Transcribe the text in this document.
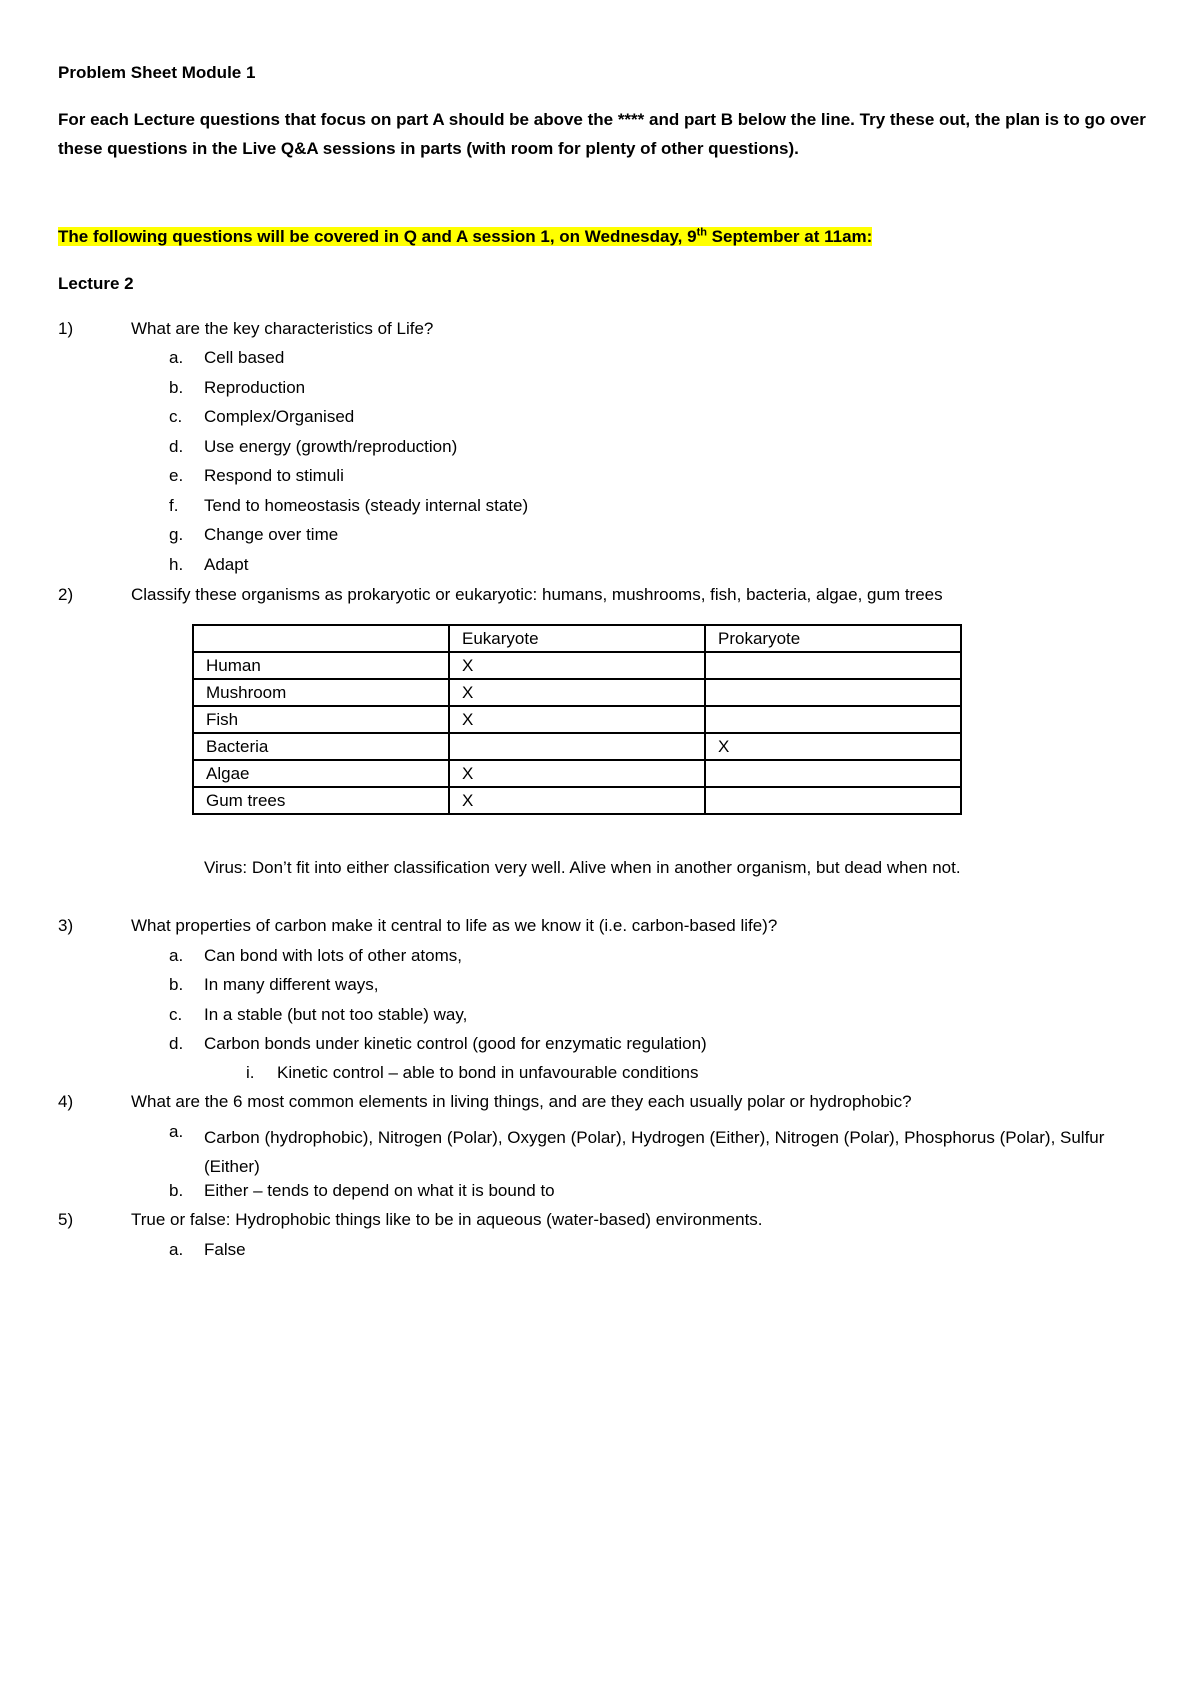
Problem Sheet Module 1
For each Lecture questions that focus on part A should be above the **** and part B below the line. Try these out, the plan is to go over these questions in the Live Q&A sessions in parts (with room for plenty of other questions).
The following questions will be covered in Q and A session 1, on Wednesday, 9th September at 11am:
Lecture 2
1)	What are the key characteristics of Life?
a. Cell based
b. Reproduction
c. Complex/Organised
d. Use energy (growth/reproduction)
e. Respond to stimuli
f. Tend to homeostasis (steady internal state)
g. Change over time
h. Adapt
2)	Classify these organisms as prokaryotic or eukaryotic: humans, mushrooms, fish, bacteria, algae, gum trees
	Eukaryote	Prokaryote
Human	X	
Mushroom	X	
Fish	X	
Bacteria		X
Algae	X	
Gum trees	X	
Virus: Don’t fit into either classification very well. Alive when in another organism, but dead when not.
3)	What properties of carbon make it central to life as we know it (i.e. carbon-based life)?
a. Can bond with lots of other atoms,
b. In many different ways,
c. In a stable (but not too stable) way,
d. Carbon bonds under kinetic control (good for enzymatic regulation)
i. Kinetic control – able to bond in unfavourable conditions
4)	What are the 6 most common elements in living things, and are they each usually polar or hydrophobic?
a. Carbon (hydrophobic), Nitrogen (Polar), Oxygen (Polar), Hydrogen (Either), Nitrogen (Polar), Phosphorus (Polar), Sulfur (Either)
b. Either – tends to depend on what it is bound to
5)	True or false: Hydrophobic things like to be in aqueous (water-based) environments.
a. False
